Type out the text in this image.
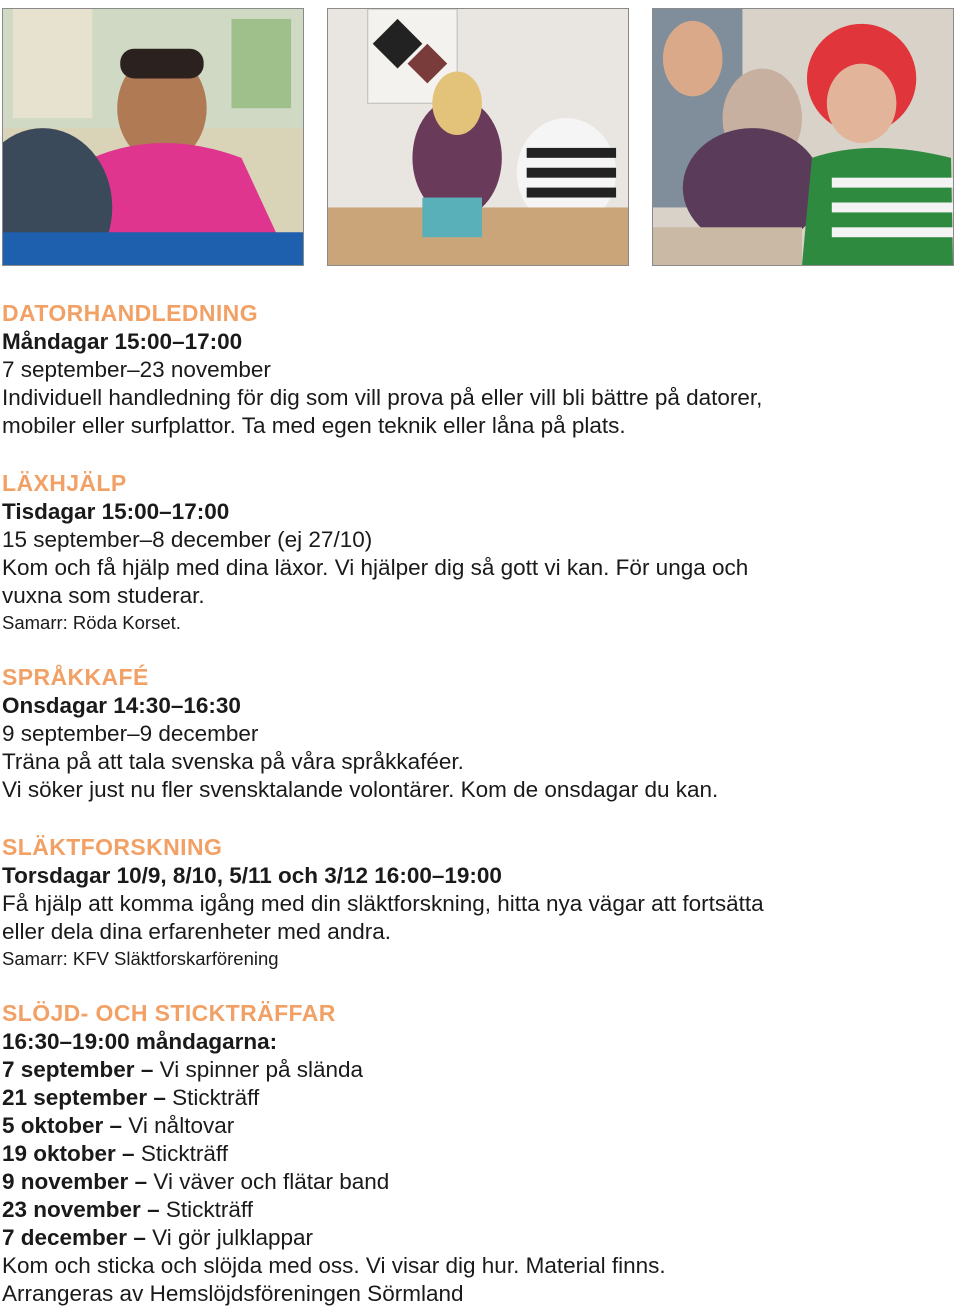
DATORHANDLEDNING

Måndagar 15:00–17:00

7 september–23 november

Individuell handledning för dig som vill prova på eller vill bli bättre på datorer,

mobiler eller surfplattor. Ta med egen teknik eller låna på plats.

LÄXHJÄLP

Tisdagar 15:00–17:00

15 september–8 december (ej 27/10)

Kom och få hjälp med dina läxor. Vi hjälper dig så gott vi kan. För unga och

vuxna som studerar.

Samarr: Röda Korset.

SPRÅKKAFÉ

Onsdagar 14:30–16:30

9 september–9 december

Träna på att tala svenska på våra språkkaféer.

Vi söker just nu fler svensktalande volontärer. Kom de onsdagar du kan.

SLÄKTFORSKNING

Torsdagar 10/9, 8/10, 5/11 och 3/12 16:00–19:00

Få hjälp att komma igång med din släktforskning, hitta nya vägar att fortsätta

eller dela dina erfarenheter med andra.

Samarr: KFV Släktforskarförening

SLÖJD- OCH STICKTRÄFFAR

16:30–19:00 måndagarna:

7 september – Vi spinner på slända

21 september – Stickträff

5 oktober – Vi nåltovar

19 oktober – Stickträff

9 november – Vi väver och flätar band

23 november – Stickträff

7 december – Vi gör julklappar

Kom och sticka och slöjda med oss. Vi visar dig hur. Material finns.

Arrangeras av Hemslöjdsföreningen Sörmland
